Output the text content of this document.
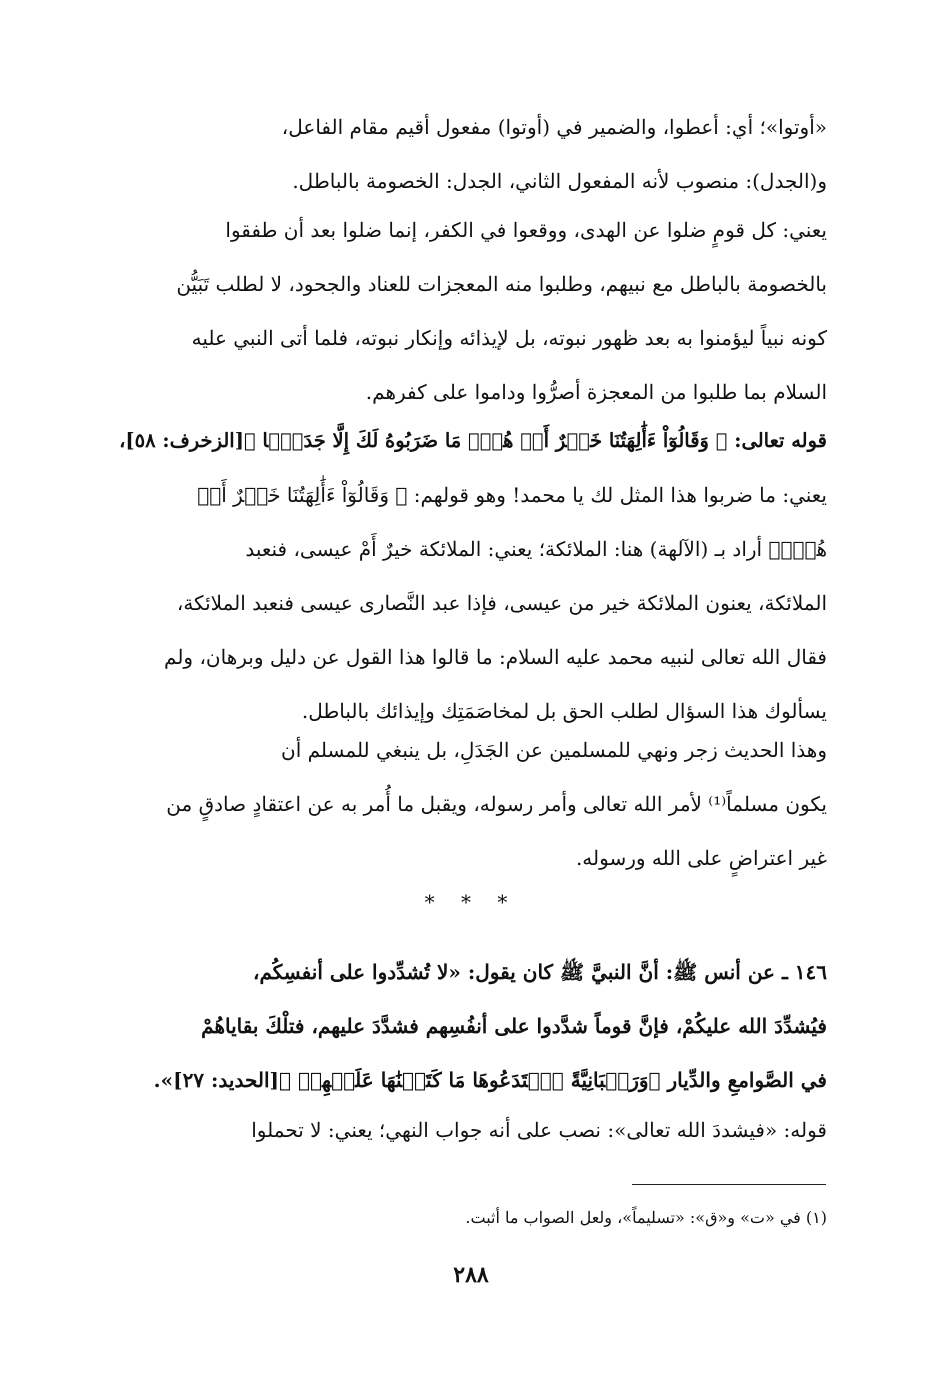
«أوتوا»؛ أي: أعطوا، والضمير في (أوتوا) مفعول أقيم مقام الفاعل،
و(الجدل): منصوب لأنه المفعول الثاني، الجدل: الخصومة بالباطل.
يعني: كل قومٍ ضلوا عن الهدى، ووقعوا في الكفر، إنما ضلوا بعد أن طفقوا
بالخصومة بالباطل مع نبيهم، وطلبوا منه المعجزات للعناد والجحود، لا لطلب تَبَيُّن
كونه نبياً ليؤمنوا به بعد ظهور نبوته، بل لإيذائه وإنكار نبوته، فلما أتى النبي عليه
السلام بما طلبوا من المعجزة أصرُّوا وداموا على كفرهم.
قوله تعالى: ﴿ وَقَالُوٓاْ ءَأَٰلِهَتُنَا خَيۡرٌ أَمۡ هُوَۚ مَا ضَرَبُوهُ لَكَ إِلَّا جَدَلَۢا ﴾[الزخرف: ٥٨]،
يعني: ما ضربوا هذا المثل لك يا محمد! وهو قولهم: ﴿ وَقَالُوٓاْ ءَأَٰلِهَتُنَا خَيۡرٌ أَمۡ
هُوَۚ﴾ أراد بـ (الآلهة) هنا: الملائكة؛ يعني: الملائكة خيرٌ أَمْ عيسى، فنعبد
الملائكة، يعنون الملائكة خير من عيسى، فإذا عبد النَّصارى عيسى فنعبد الملائكة،
فقال الله تعالى لنبيه محمد عليه السلام: ما قالوا هذا القول عن دليل وبرهان، ولم
يسألوك هذا السؤال لطلب الحق بل لمخاصَمَتِك وإيذائك بالباطل.
وهذا الحديث زجر ونهي للمسلمين عن الجَدَلِ، بل ينبغي للمسلم أن
يكون مسلماً⁽¹⁾ لأمر الله تعالى وأمر رسوله، ويقبل ما أُمر به عن اعتقادٍ صادقٍ من
غير اعتراضٍ على الله ورسوله.
* * *
١٤٦ ـ عن أنس ﷺ: أنَّ النبيَّ ﷺ كان يقول: «لا تُشدِّدوا على أنفسِكُم،
فيُشدِّدَ الله عليكُمْ، فإنَّ قوماً شدَّدوا على أنفُسِهم فشدَّدَ عليهم، فتلْكَ بقاياهُمْ
في الصَّوامعِ والدِّيار ﴿وَرَهۡبَانِيَّةً ٱبۡتَدَعُوهَا مَا كَتَبۡنَٰهَا عَلَيۡهِمۡ ﴾[الحديد: ٢٧]».
قوله: «فيشددَ الله تعالى»: نصب على أنه جواب النهي؛ يعني: لا تحملوا
(١) في «ت» و«ق»: «تسليماً»، ولعل الصواب ما أثبت.
٢٨٨
